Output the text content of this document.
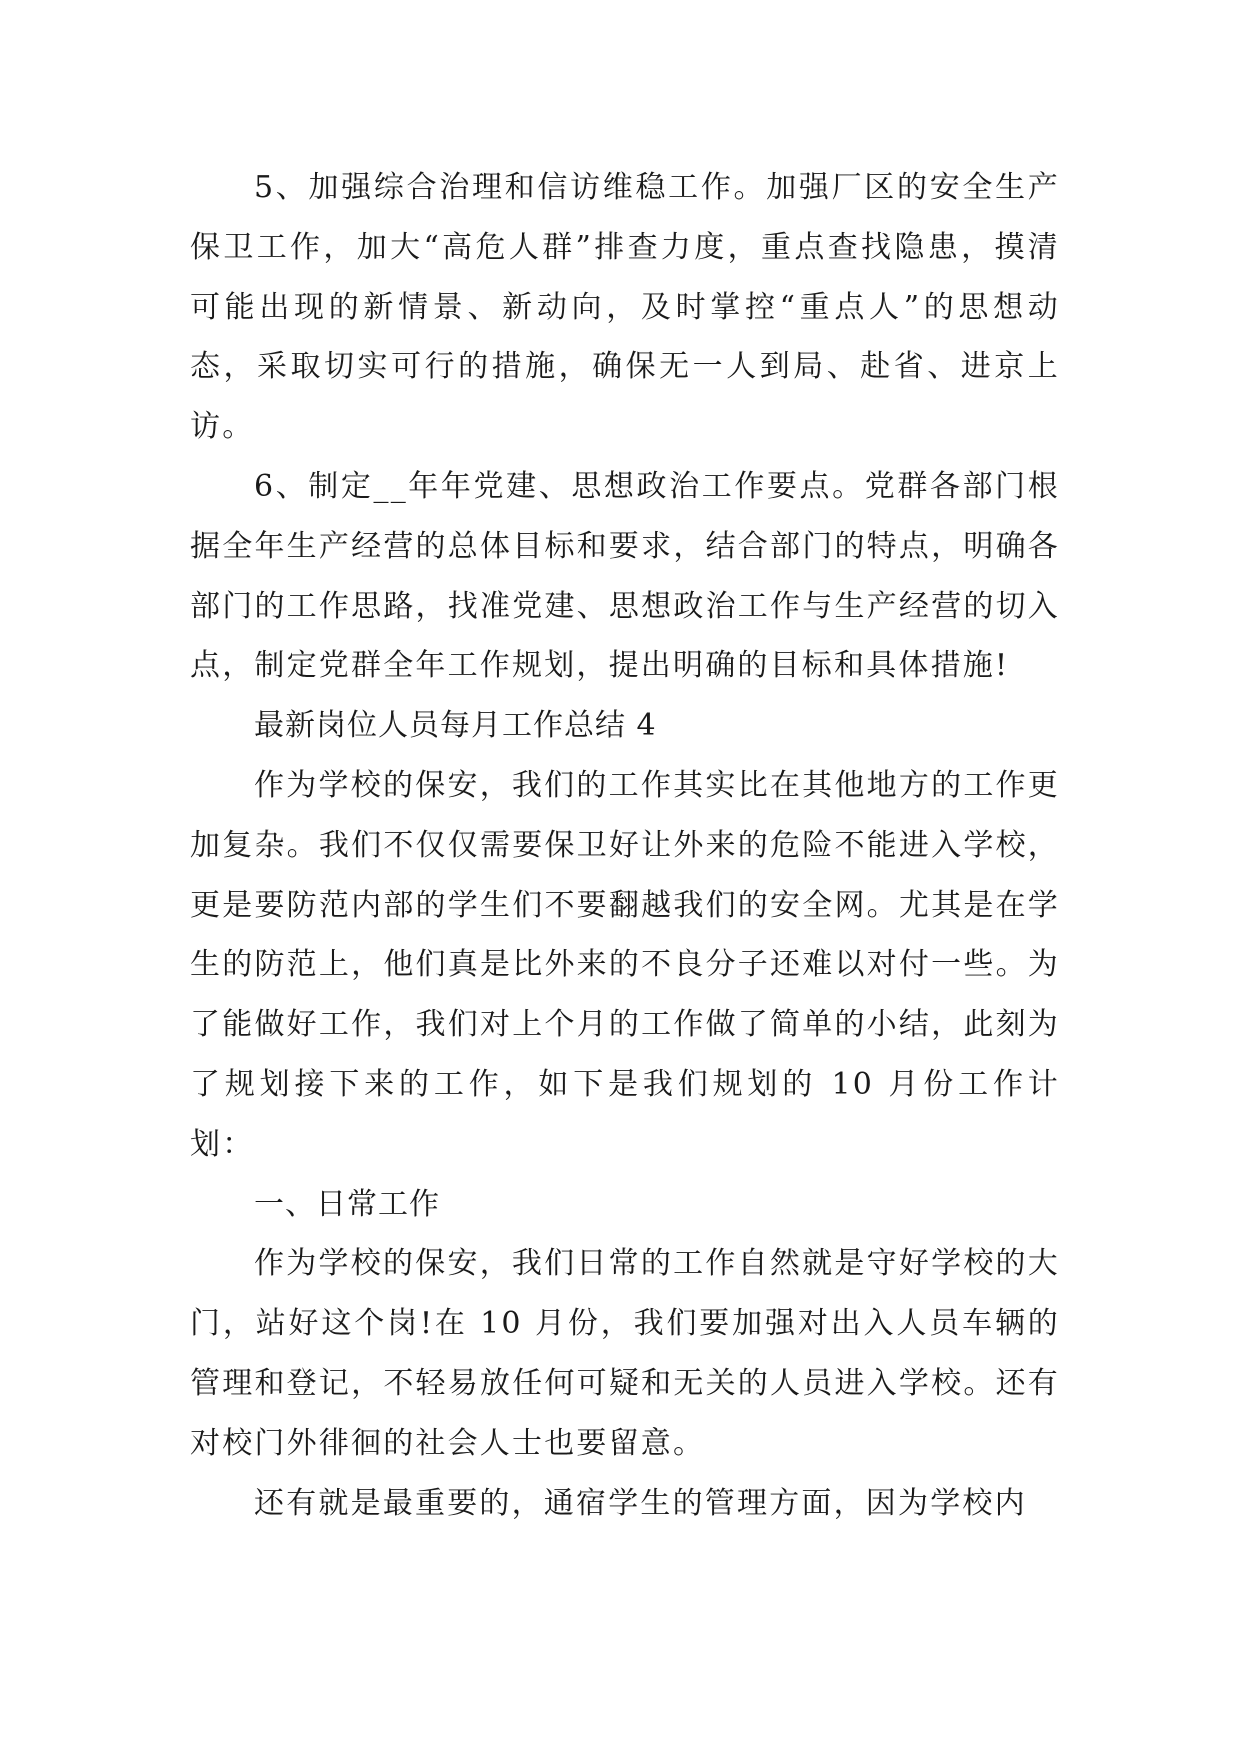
5、加强综合治理和信访维稳工作。加强厂区的安全生产保卫工作，加大“高危人群”排查力度，重点查找隐患，摸清可能出现的新情景、新动向，及时掌控“重点人”的思想动态，采取切实可行的措施，确保无一人到局、赴省、进京上访。

6、制定__年年党建、思想政治工作要点。党群各部门根据全年生产经营的总体目标和要求，结合部门的特点，明确各部门的工作思路，找准党建、思想政治工作与生产经营的切入点，制定党群全年工作规划，提出明确的目标和具体措施!

最新岗位人员每月工作总结 4

作为学校的保安，我们的工作其实比在其他地方的工作更加复杂。我们不仅仅需要保卫好让外来的危险不能进入学校，更是要防范内部的学生们不要翻越我们的安全网。尤其是在学生的防范上，他们真是比外来的不良分子还难以对付一些。为了能做好工作，我们对上个月的工作做了简单的小结，此刻为了规划接下来的工作，如下是我们规划的 10 月份工作计划：

一、日常工作

作为学校的保安，我们日常的工作自然就是守好学校的大门，站好这个岗!在 10 月份，我们要加强对出入人员车辆的管理和登记，不轻易放任何可疑和无关的人员进入学校。还有对校门外徘徊的社会人士也要留意。

还有就是最重要的，通宿学生的管理方面，因为学校内
